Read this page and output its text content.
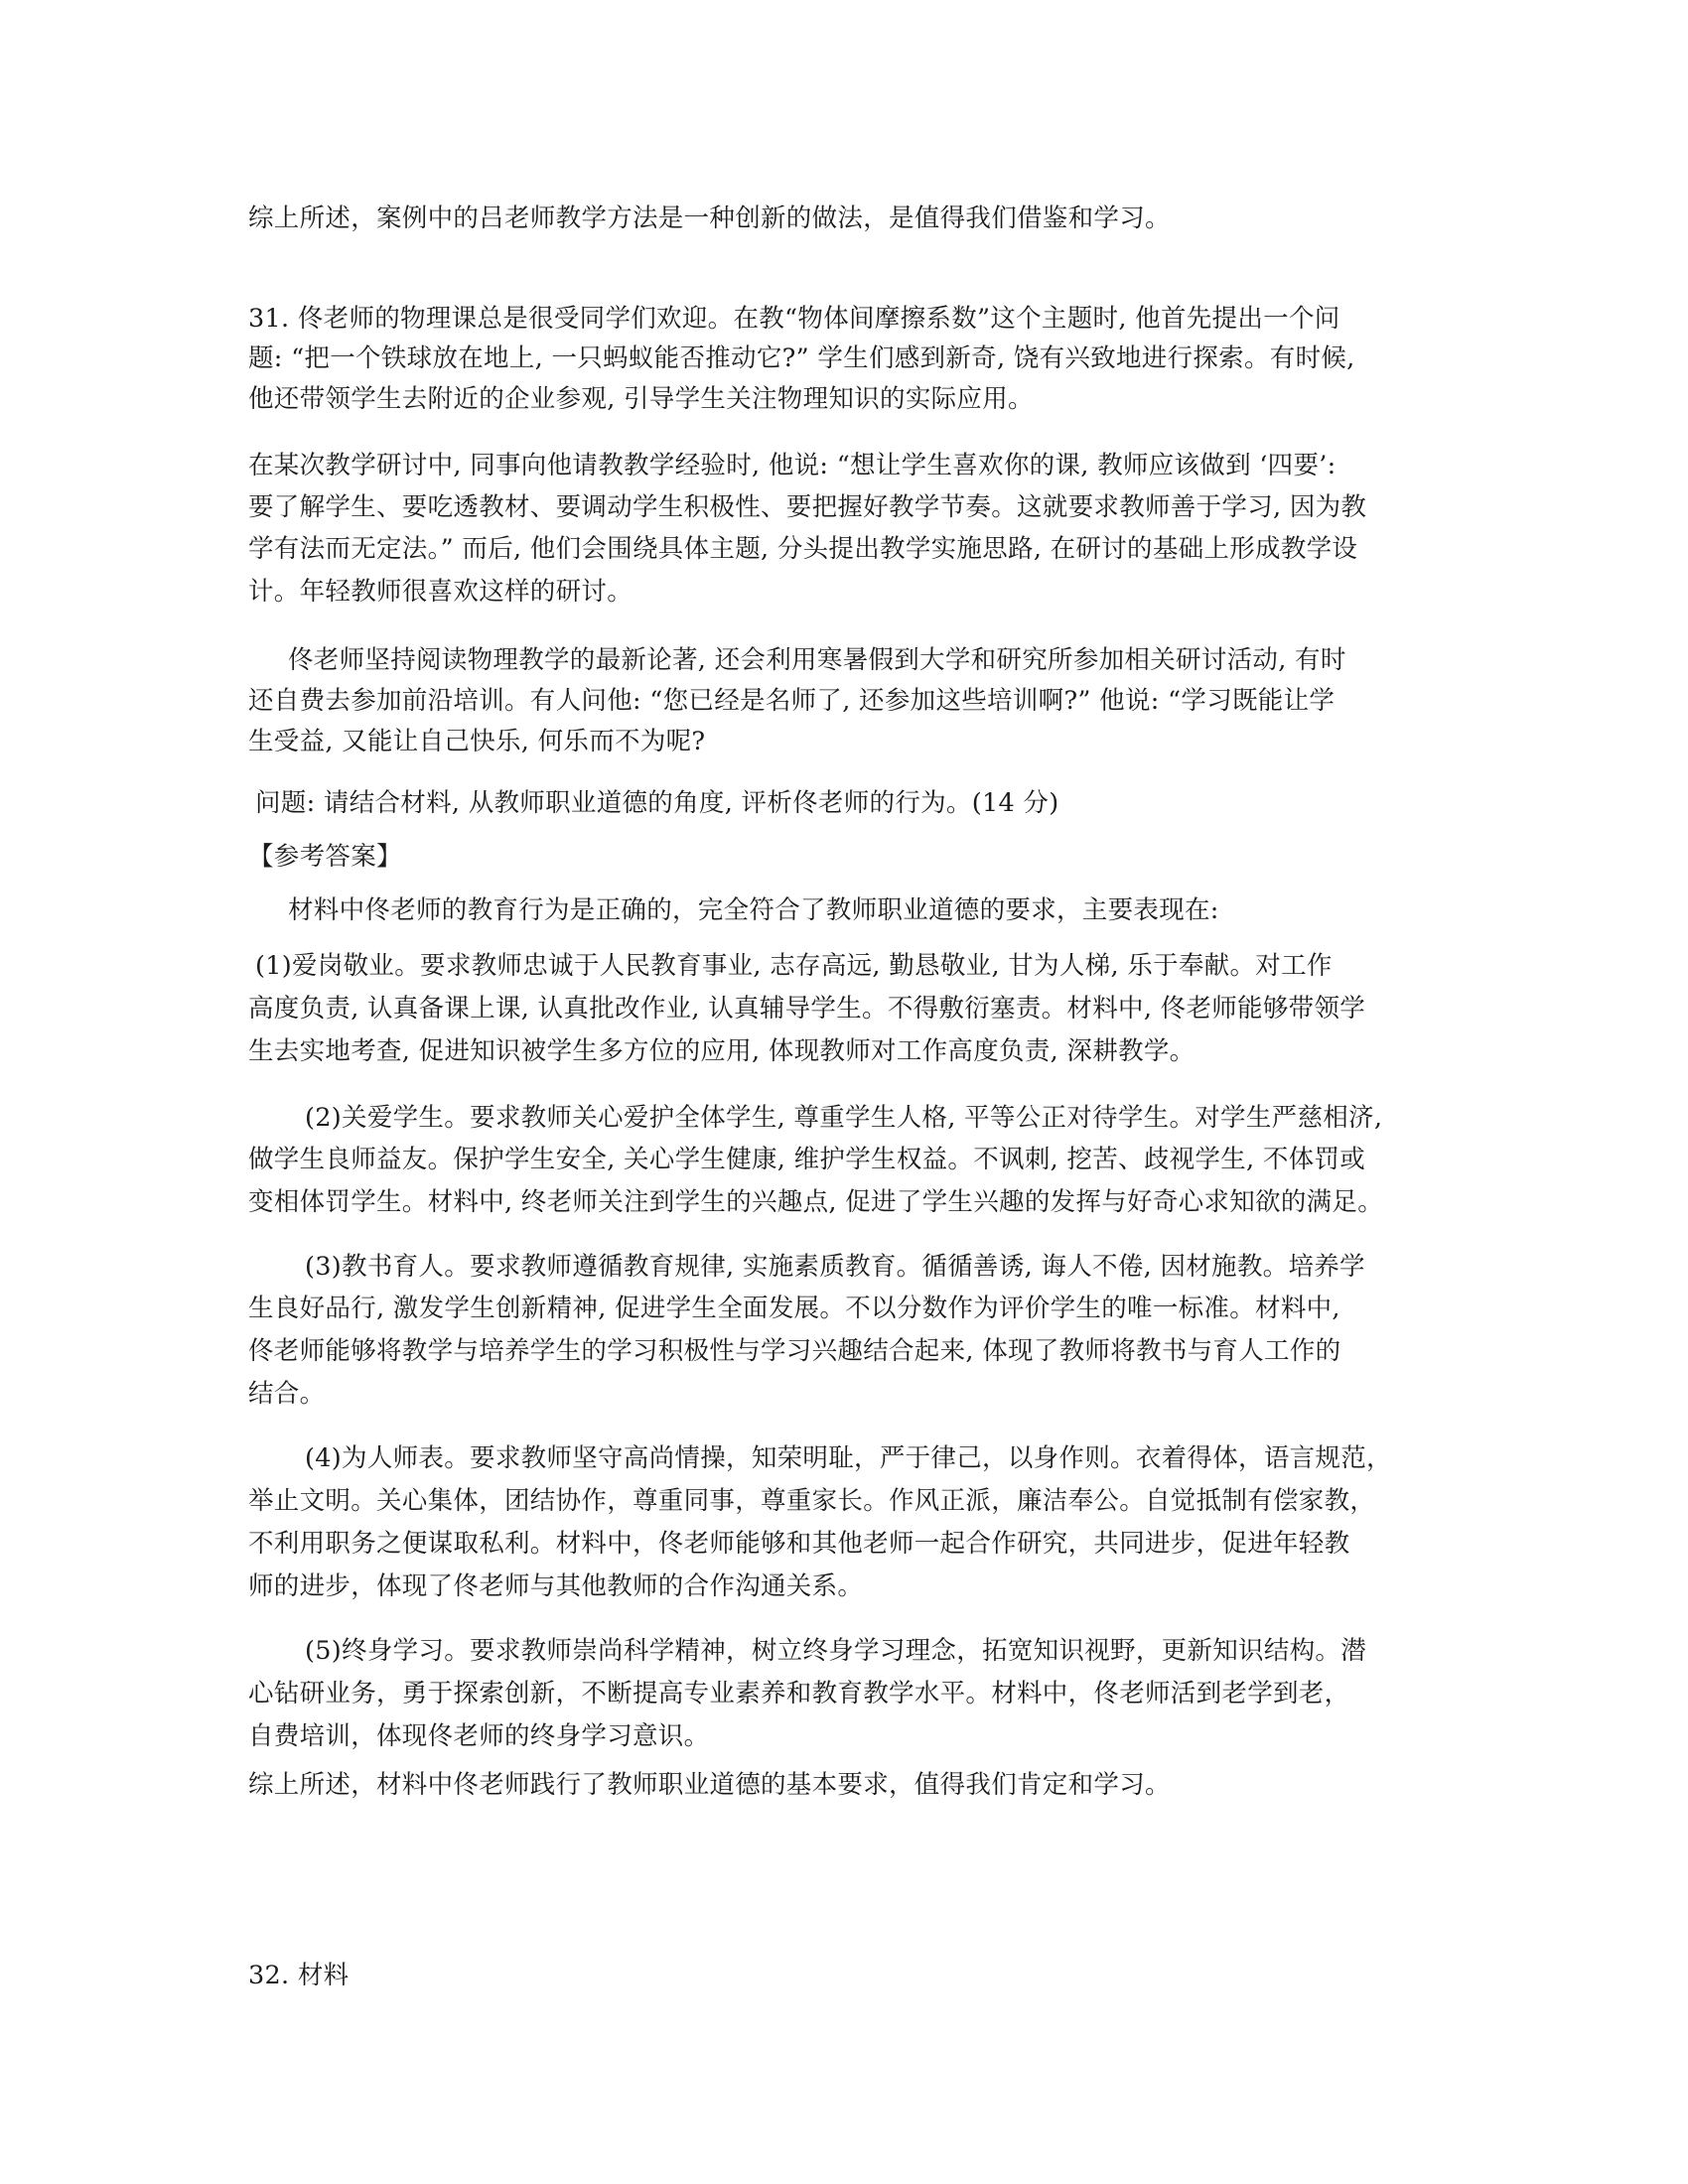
综上所述，案例中的吕老师教学方法是一种创新的做法，是值得我们借鉴和学习。
31. 佟老师的物理课总是很受同学们欢迎。在教“物体间摩擦系数”这个主题时, 他首先提出一个问
题: “把一个铁球放在地上, 一只蚂蚁能否推动它?” 学生们感到新奇, 饶有兴致地进行探索。有时候,
他还带领学生去附近的企业参观, 引导学生关注物理知识的实际应用。
在某次教学研讨中, 同事向他请教教学经验时, 他说: “想让学生喜欢你的课, 教师应该做到 ‘四要’:
要了解学生、要吃透教材、要调动学生积极性、要把握好教学节奏。这就要求教师善于学习, 因为教
学有法而无定法。” 而后, 他们会围绕具体主题, 分头提出教学实施思路, 在研讨的基础上形成教学设
计。年轻教师很喜欢这样的研讨。
佟老师坚持阅读物理教学的最新论著, 还会利用寒暑假到大学和研究所参加相关研讨活动, 有时
还自费去参加前沿培训。有人问他: “您已经是名师了, 还参加这些培训啊?” 他说: “学习既能让学
生受益, 又能让自己快乐, 何乐而不为呢?
问题: 请结合材料, 从教师职业道德的角度, 评析佟老师的行为。(14 分)
【参考答案】
材料中佟老师的教育行为是正确的，完全符合了教师职业道德的要求，主要表现在:
(1)爱岗敬业。要求教师忠诚于人民教育事业, 志存高远, 勤恳敬业, 甘为人梯, 乐于奉献。对工作
高度负责, 认真备课上课, 认真批改作业, 认真辅导学生。不得敷衍塞责。材料中, 佟老师能够带领学
生去实地考查, 促进知识被学生多方位的应用, 体现教师对工作高度负责, 深耕教学。
(2)关爱学生。要求教师关心爱护全体学生, 尊重学生人格, 平等公正对待学生。对学生严慈相济,
做学生良师益友。保护学生安全, 关心学生健康, 维护学生权益。不讽刺, 挖苦、歧视学生, 不体罚或
变相体罚学生。材料中, 终老师关注到学生的兴趣点, 促进了学生兴趣的发挥与好奇心求知欲的满足。
(3)教书育人。要求教师遵循教育规律, 实施素质教育。循循善诱, 诲人不倦, 因材施教。培养学
生良好品行, 激发学生创新精神, 促进学生全面发展。不以分数作为评价学生的唯一标准。材料中,
佟老师能够将教学与培养学生的学习积极性与学习兴趣结合起来, 体现了教师将教书与育人工作的
结合。
(4)为人师表。要求教师坚守高尚情操，知荣明耻，严于律己，以身作则。衣着得体，语言规范，
举止文明。关心集体，团结协作，尊重同事，尊重家长。作风正派，廉洁奉公。自觉抵制有偿家教，
不利用职务之便谋取私利。材料中，佟老师能够和其他老师一起合作研究，共同进步，促进年轻教
师的进步，体现了佟老师与其他教师的合作沟通关系。
(5)终身学习。要求教师崇尚科学精神，树立终身学习理念，拓宽知识视野，更新知识结构。潜
心钻研业务，勇于探索创新，不断提高专业素养和教育教学水平。材料中，佟老师活到老学到老，
自费培训，体现佟老师的终身学习意识。
综上所述，材料中佟老师践行了教师职业道德的基本要求，值得我们肯定和学习。
32. 材料
